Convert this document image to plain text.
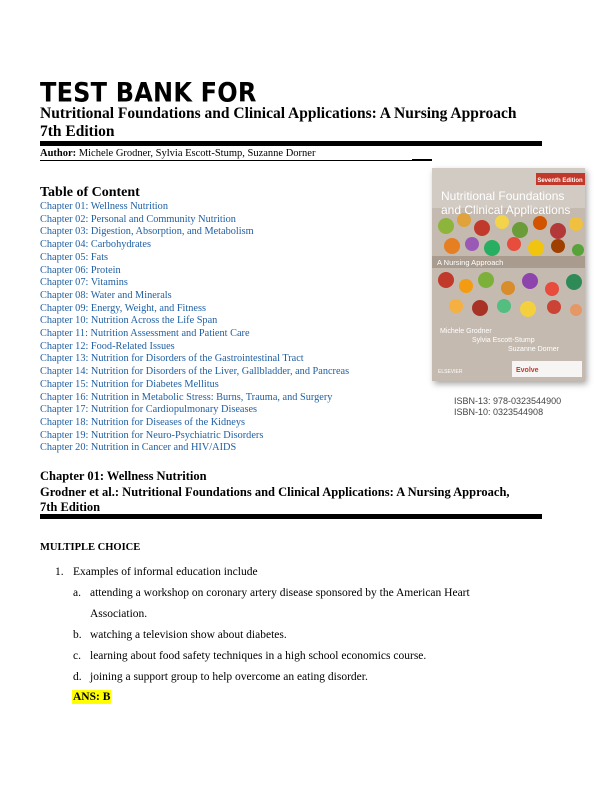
TEST BANK FOR
Nutritional Foundations and Clinical Applications: A Nursing Approach
7th Edition
Author: Michele Grodner, Sylvia Escott-Stump, Suzanne Dorner
Table of Content
Chapter 01: Wellness Nutrition
Chapter 02: Personal and Community Nutrition
Chapter 03: Digestion, Absorption, and Metabolism
Chapter 04: Carbohydrates
Chapter 05: Fats
Chapter 06: Protein
Chapter 07: Vitamins
Chapter 08: Water and Minerals
Chapter 09: Energy, Weight, and Fitness
Chapter 10: Nutrition Across the Life Span
Chapter 11: Nutrition Assessment and Patient Care
Chapter 12: Food-Related Issues
Chapter 13: Nutrition for Disorders of the Gastrointestinal Tract
Chapter 14: Nutrition for Disorders of the Liver, Gallbladder, and Pancreas
Chapter 15: Nutrition for Diabetes Mellitus
Chapter 16: Nutrition in Metabolic Stress: Burns, Trauma, and Surgery
Chapter 17: Nutrition for Cardiopulmonary Diseases
Chapter 18: Nutrition for Diseases of the Kidneys
Chapter 19: Nutrition for Neuro-Psychiatric Disorders
Chapter 20: Nutrition in Cancer and HIV/AIDS
Seventh Edition
Nutritional Foundations
and Clinical Applications
A Nursing Approach
Michele Grodner
Sylvia Escott-Stump
Suzanne Dorner
ELSEVIER	Evolve
ISBN-13: 978-0323544900
ISBN-10: 0323544908
Chapter 01: Wellness Nutrition
Grodner et al.: Nutritional Foundations and Clinical Applications: A Nursing Approach,
7th Edition
MULTIPLE CHOICE
1. Examples of informal education include
a. attending a workshop on coronary artery disease sponsored by the American Heart
Association.
b. watching a television show about diabetes.
c. learning about food safety techniques in a high school economics course.
d. joining a support group to help overcome an eating disorder.
ANS: B
